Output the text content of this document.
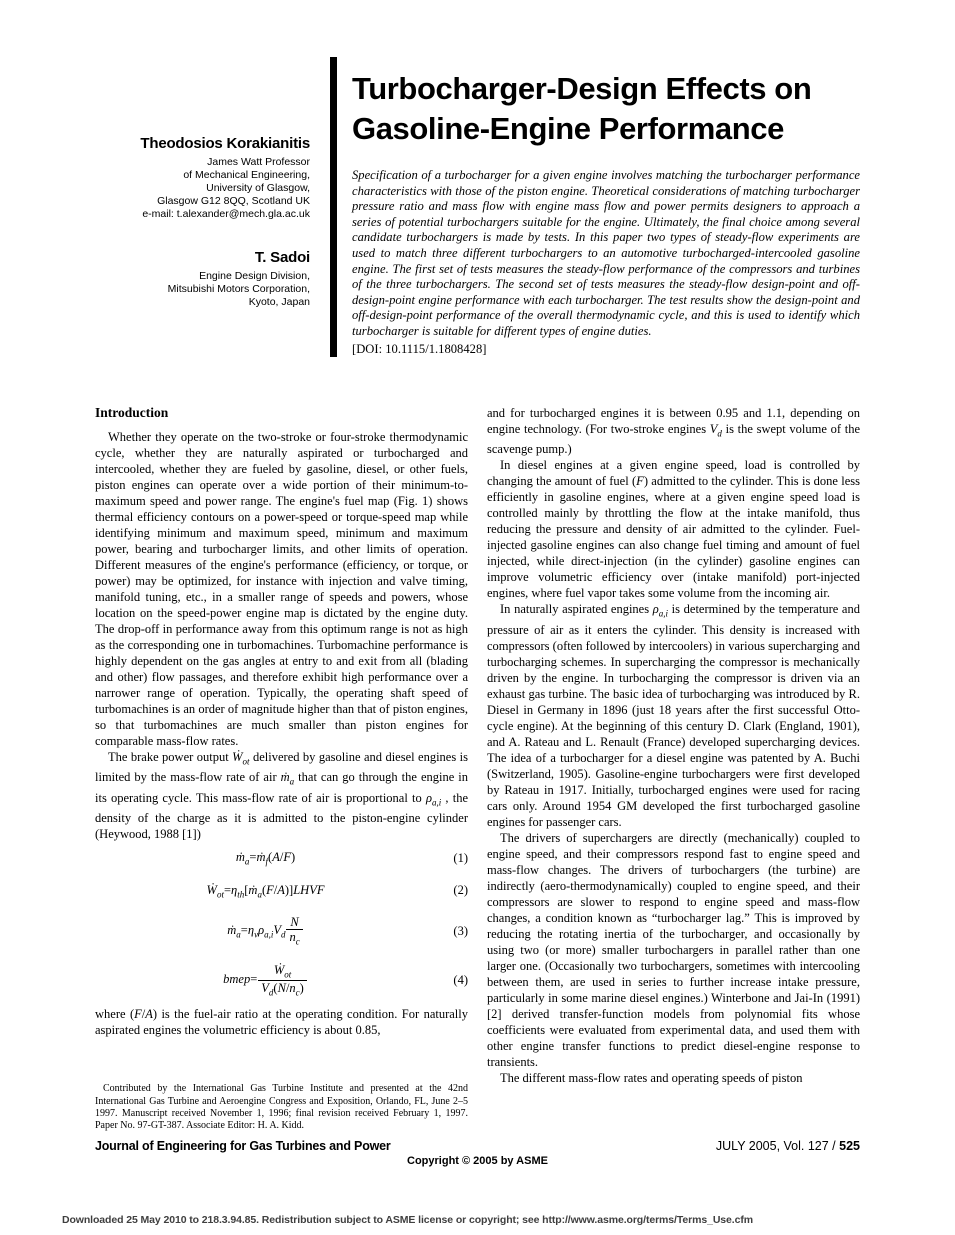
Theodosios Korakianitis
James Watt Professor
of Mechanical Engineering,
University of Glasgow,
Glasgow G12 8QQ, Scotland UK
e-mail: t.alexander@mech.gla.ac.uk
T. Sadoi
Engine Design Division,
Mitsubishi Motors Corporation,
Kyoto, Japan
Turbocharger-Design Effects on
Gasoline-Engine Performance

Specification of a turbocharger for a given engine involves matching the turbocharger performance characteristics with those of the piston engine. Theoretical considerations of matching turbocharger pressure ratio and mass flow with engine mass flow and power permits designers to approach a series of potential turbochargers suitable for the engine. Ultimately, the final choice among several candidate turbochargers is made by tests. In this paper two types of steady-flow experiments are used to match three different turbochargers to an automotive turbocharged-intercooled gasoline engine. The first set of tests measures the steady-flow performance of the compressors and turbines of the three turbochargers. The second set of tests measures the steady-flow design-point and off-design-point engine performance with each turbocharger. The test results show the design-point and off-design-point performance of the overall thermodynamic cycle, and this is used to identify which turbocharger is suitable for different types of engine duties.

[DOI: 10.1115/1.1808428]
Introduction

Whether they operate on the two-stroke or four-stroke thermodynamic cycle, whether they are naturally aspirated or turbocharged and intercooled, whether they are fueled by gasoline, diesel, or other fuels, piston engines can operate over a wide portion of their minimum-to-maximum speed and power range. The engine's fuel map (Fig. 1) shows thermal efficiency contours on a power-speed or torque-speed map while identifying minimum and maximum speed, minimum and maximum power, bearing and turbocharger limits, and other limits of operation. Different measures of the engine's performance (efficiency, or torque, or power) may be optimized, for instance with injection and valve timing, manifold tuning, etc., in a smaller range of speeds and powers, whose location on the speed-power engine map is dictated by the engine duty. The drop-off in performance away from this optimum range is not as high as the corresponding one in turbomachines. Turbomachine performance is highly dependent on the gas angles at entry to and exit from all (blading and other) flow passages, and therefore exhibit high performance over a narrower range of operation. Typically, the operating shaft speed of turbomachines is an order of magnitude higher than that of piston engines, so that turbomachines are much smaller than piston engines for comparable mass-flow rates.

The brake power output Ẇ$_{ot}$ delivered by gasoline and diesel engines is limited by the mass-flow rate of air ṁ$_a$ that can go through the engine in its operating cycle. This mass-flow rate of air is proportional to $\rho_{a,i}$ , the density of the charge as it is admitted to the piston-engine cylinder (Heywood, 1988 [1])

ṁ$_a$=ṁ$_f$(A/F)	(1)
$Ẇ_{ot}=\eta_{th}[ṁ_a(F/A)]LHVF$	(2)
$ṁ_a=\eta_v\rho_{a,i}V_d \frac{N}{n_c}$	(3)
bmep= $\frac{Ẇ_{ot}}{V_d(N/n_c)}$	(4)

where (F/A) is the fuel-air ratio at the operating condition. For naturally aspirated engines the volumetric efficiency is about 0.85,

Contributed by the International Gas Turbine Institute and presented at the 42nd International Gas Turbine and Aeroengine Congress and Exposition, Orlando, FL, June 2–5 1997. Manuscript received November 1, 1996; final revision received February 1, 1997. Paper No. 97-GT-387. Associate Editor: H. A. Kidd.

and for turbocharged engines it is between 0.95 and 1.1, depending on engine technology. (For two-stroke engines $V_d$ is the swept volume of the scavenge pump.)

In diesel engines at a given engine speed, load is controlled by changing the amount of fuel (F) admitted to the cylinder. This is done less efficiently in gasoline engines, where at a given engine speed load is controlled mainly by throttling the flow at the intake manifold, thus reducing the pressure and density of air admitted to the cylinder. Fuel-injected gasoline engines can also change fuel timing and amount of fuel injected, while direct-injection (in the cylinder) gasoline engines can improve volumetric efficiency over (intake manifold) port-injected engines, where fuel vapor takes some volume from the incoming air.

In naturally aspirated engines $\rho_{a,i}$ is determined by the temperature and pressure of air as it enters the cylinder. This density is increased with compressors (often followed by intercoolers) in various supercharging and turbocharging schemes. In supercharging the compressor is mechanically driven by the engine. In turbocharging the compressor is driven via an exhaust gas turbine. The basic idea of turbocharging was introduced by R. Diesel in Germany in 1896 (just 18 years after the first successful Otto-cycle engine). At the beginning of this century D. Clark (England, 1901), and A. Rateau and L. Renault (France) developed supercharging devices. The idea of a turbocharger for a diesel engine was patented by A. Buchi (Switzerland, 1905). Gasoline-engine turbochargers were first developed by Rateau in 1917. Initially, turbocharged engines were used for racing cars only. Around 1954 GM developed the first turbocharged gasoline engines for passenger cars.

The drivers of superchargers are directly (mechanically) coupled to engine speed, and their compressors respond fast to engine speed and mass-flow changes. The drivers of turbochargers (the turbine) are indirectly (aero-thermodynamically) coupled to engine speed, and their compressors are slower to respond to engine speed and mass-flow changes, a condition known as “turbocharger lag.” This is improved by reducing the rotating inertia of the turbocharger, and occasionally by using two (or more) smaller turbochargers in parallel rather than one larger one. (Occasionally two turbochargers, sometimes with intercooling between them, are used in series to further increase intake pressure, particularly in some marine diesel engines.) Winterbone and Jai-In (1991) [2] derived transfer-function models from polynomial fits whose coefficients were evaluated from experimental data, and used them with other engine transfer functions to predict diesel-engine response to transients.

The different mass-flow rates and operating speeds of piston

Journal of Engineering for Gas Turbines and Power	JULY 2005, Vol. 127 / 525
Copyright © 2005 by ASME
Downloaded 25 May 2010 to 218.3.94.85. Redistribution subject to ASME license or copyright; see http://www.asme.org/terms/Terms_Use.cfm
